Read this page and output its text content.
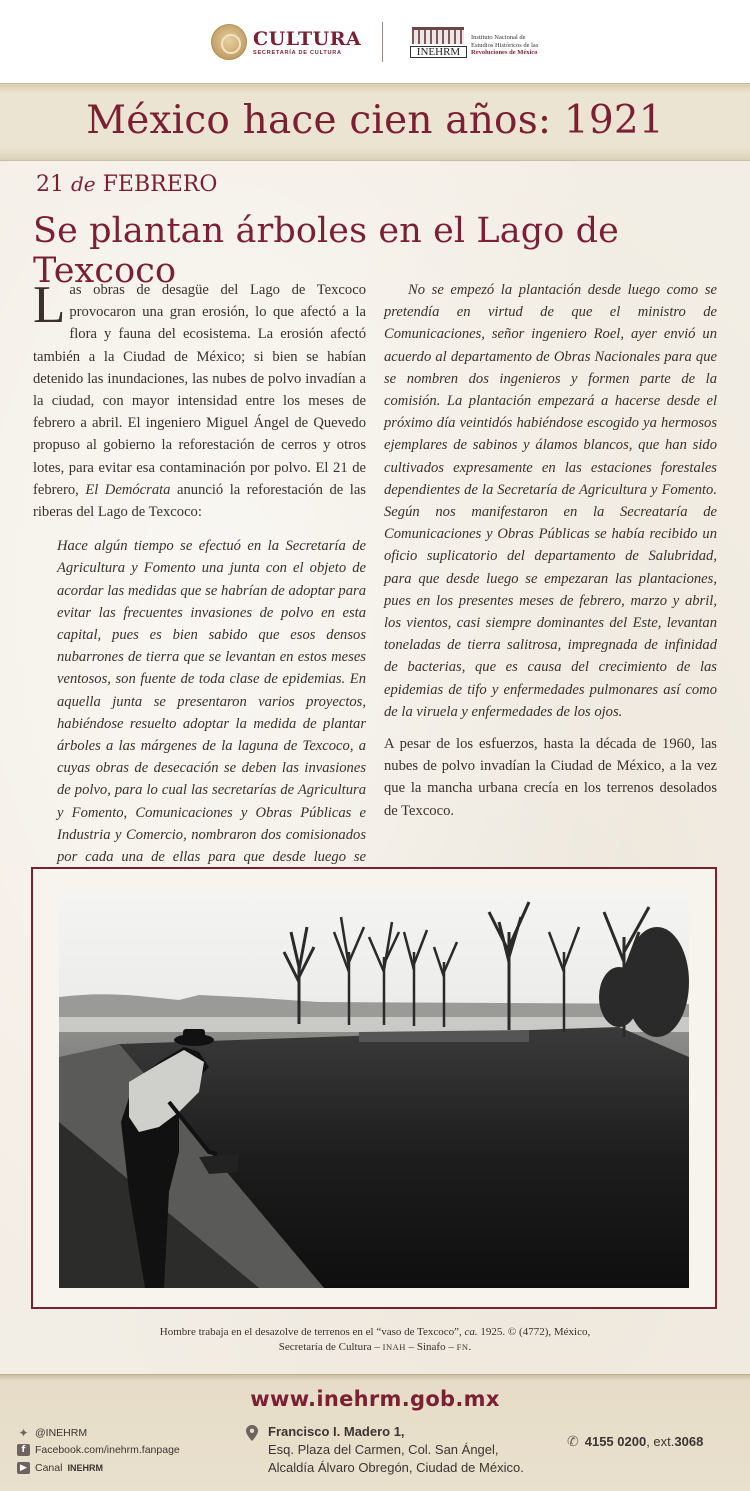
CULTURA
SECRETARÍA DE CULTURA	INEHRM
Instituto Nacional de
Estudios Históricos de las
Revoluciones de México
México hace cien años: 1921
21 de FEBRERO
Se plantan árboles en el Lago de Texcoco

Las obras de desagüe del Lago de Texcoco provocaron una gran erosión, lo que afectó a la flora y fauna del ecosistema. La erosión afectó también a la Ciudad de México; si bien se habían detenido las inundaciones, las nubes de polvo invadían a la ciudad, con mayor intensidad entre los meses de febrero a abril. El ingeniero Miguel Ángel de Quevedo propuso al gobierno la reforestación de cerros y otros lotes, para evitar esa contaminación por polvo. El 21 de febrero, El Demócrata anunció la reforestación de las riberas del Lago de Texcoco:

Hace algún tiempo se efectuó en la Secretaría de Agricultura y Fomento una junta con el objeto de acordar las medidas que se habrían de adoptar para evitar las frecuentes invasiones de polvo en esta capital, pues es bien sabido que esos densos nubarrones de tierra que se levantan en estos meses ventosos, son fuente de toda clase de epidemias. En aquella junta se presentaron varios proyectos, habiéndose resuelto adoptar la medida de plantar árboles a las márgenes de la laguna de Texcoco, a cuyas obras de desecación se deben las invasiones de polvo, para lo cual las secretarías de Agricultura y Fomento, Comunicaciones y Obras Públicas e Industria y Comercio, nombraron dos comisionados por cada una de ellas para que desde luego se

No se empezó la plantación desde luego como se pretendía en virtud de que el ministro de Comunicaciones, señor ingeniero Roel, ayer envió un acuerdo al departamento de Obras Nacionales para que se nombren dos ingenieros y formen parte de la comisión. La plantación empezará a hacerse desde el próximo día veintidós habiéndose escogido ya hermosos ejemplares de sabinos y álamos blancos, que han sido cultivados expresamente en las estaciones forestales dependientes de la Secretaría de Agricultura y Fomento. Según nos manifestaron en la Secreataría de Comunicaciones y Obras Públicas se había recibido un oficio suplicatorio del departamento de Salubridad, para que desde luego se empezaran las plantaciones, pues en los presentes meses de febrero, marzo y abril, los vientos, casi siempre dominantes del Este, levantan toneladas de tierra salitrosa, impregnada de infinidad de bacterias, que es causa del crecimiento de las epidemias de tifo y enfermedades pulmonares así como de la viruela y enfermedades de los ojos.

A pesar de los esfuerzos, hasta la década de 1960, las nubes de polvo invadían la Ciudad de México, a la vez que la mancha urbana crecía en los terrenos desolados de Texcoco.

Hombre trabaja en el desazolve de terrenos en el “vaso de Texcoco”, ca. 1925. © (4772), México,
Secretaría de Cultura – INAH – Sinafo – FN.
www.inehrm.gob.mx
✦ @INEHRM
f Facebook.com/inehrm.fanpage
▶ Canal INEHRM
Francisco I. Madero 1,
Esq. Plaza del Carmen, Col. San Ángel,
Alcaldía Álvaro Obregón, Ciudad de México.
✆ 4155 0200 , ext. 3068
